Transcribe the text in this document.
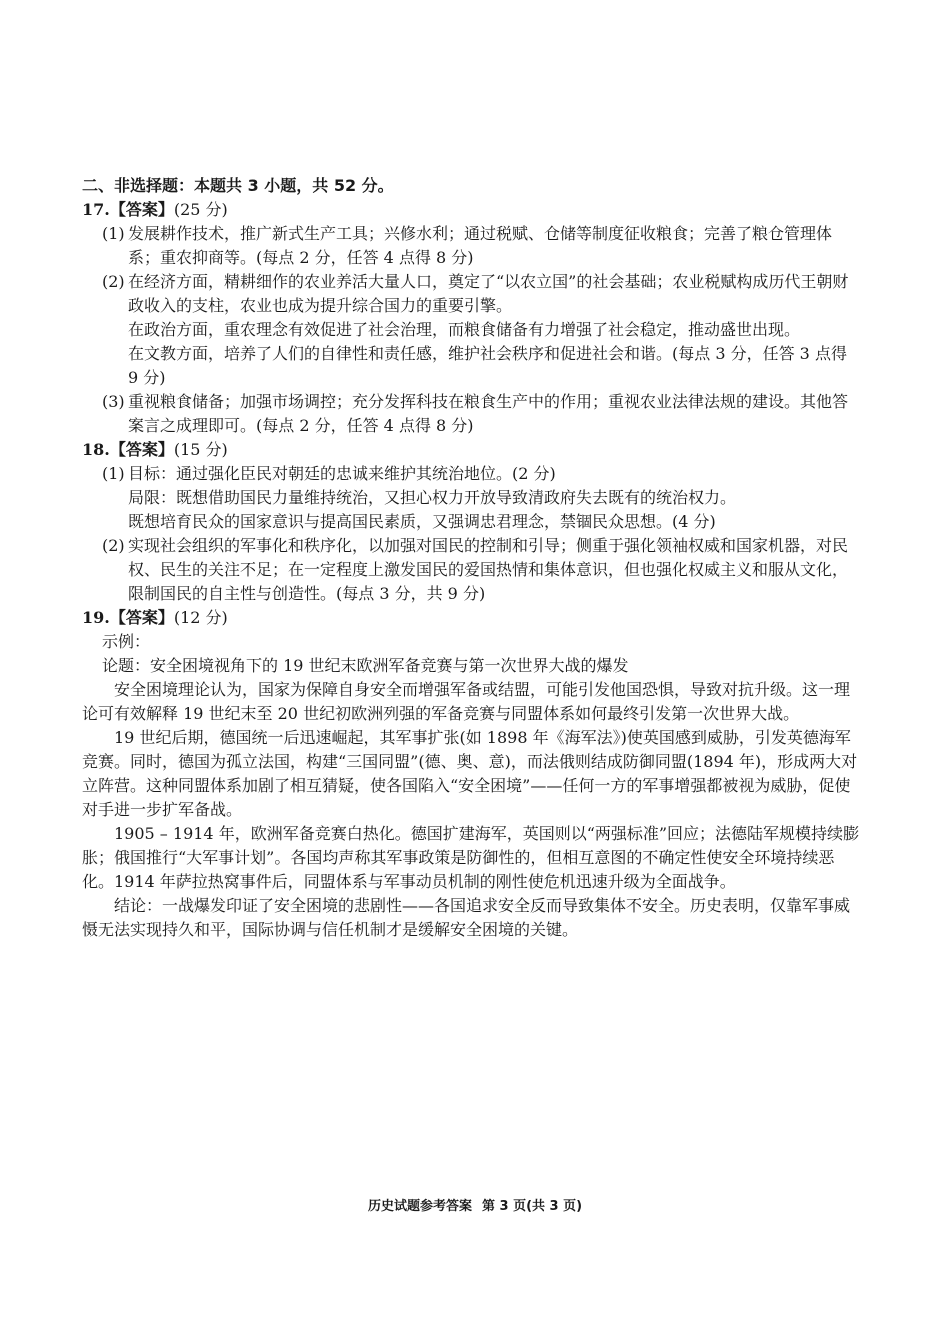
二、非选择题：本题共 3 小题，共 52 分。

17.【答案】(25 分)

(1) 发展耕作技术，推广新式生产工具；兴修水利；通过税赋、仓储等制度征收粮食；完善了粮仓管理体系；重农抑商等。(每点 2 分，任答 4 点得 8 分)

(2) 在经济方面，精耕细作的农业养活大量人口，奠定了“以农立国”的社会基础；农业税赋构成历代王朝财政收入的支柱，农业也成为提升综合国力的重要引擎。

在政治方面，重农理念有效促进了社会治理，而粮食储备有力增强了社会稳定，推动盛世出现。

在文教方面，培养了人们的自律性和责任感，维护社会秩序和促进社会和谐。(每点 3 分，任答 3 点得 9 分)

(3) 重视粮食储备；加强市场调控；充分发挥科技在粮食生产中的作用；重视农业法律法规的建设。其他答案言之成理即可。(每点 2 分，任答 4 点得 8 分)

18.【答案】(15 分)

(1) 目标：通过强化臣民对朝廷的忠诚来维护其统治地位。(2 分)

局限：既想借助国民力量维持统治，又担心权力开放导致清政府失去既有的统治权力。

既想培育民众的国家意识与提高国民素质，又强调忠君理念，禁锢民众思想。(4 分)

(2) 实现社会组织的军事化和秩序化，以加强对国民的控制和引导；侧重于强化领袖权威和国家机器，对民权、民生的关注不足；在一定程度上激发国民的爱国热情和集体意识，但也强化权威主义和服从文化，限制国民的自主性与创造性。(每点 3 分，共 9 分)

19.【答案】(12 分)

示例：

论题：安全困境视角下的 19 世纪末欧洲军备竞赛与第一次世界大战的爆发

安全困境理论认为，国家为保障自身安全而增强军备或结盟，可能引发他国恐惧，导致对抗升级。这一理论可有效解释 19 世纪末至 20 世纪初欧洲列强的军备竞赛与同盟体系如何最终引发第一次世界大战。

19 世纪后期，德国统一后迅速崛起，其军事扩张(如 1898 年《海军法》)使英国感到威胁，引发英德海军竞赛。同时，德国为孤立法国，构建“三国同盟”(德、奥、意)，而法俄则结成防御同盟(1894 年)，形成两大对立阵营。这种同盟体系加剧了相互猜疑，使各国陷入“安全困境”——任何一方的军事增强都被视为威胁，促使对手进一步扩军备战。

1905 – 1914 年，欧洲军备竞赛白热化。德国扩建海军，英国则以“两强标准”回应；法德陆军规模持续膨胀；俄国推行“大军事计划”。各国均声称其军事政策是防御性的，但相互意图的不确定性使安全环境持续恶化。1914 年萨拉热窝事件后，同盟体系与军事动员机制的刚性使危机迅速升级为全面战争。

结论：一战爆发印证了安全困境的悲剧性——各国追求安全反而导致集体不安全。历史表明，仅靠军事威慑无法实现持久和平，国际协调与信任机制才是缓解安全困境的关键。

历史试题参考答案 第 3 页(共 3 页)
